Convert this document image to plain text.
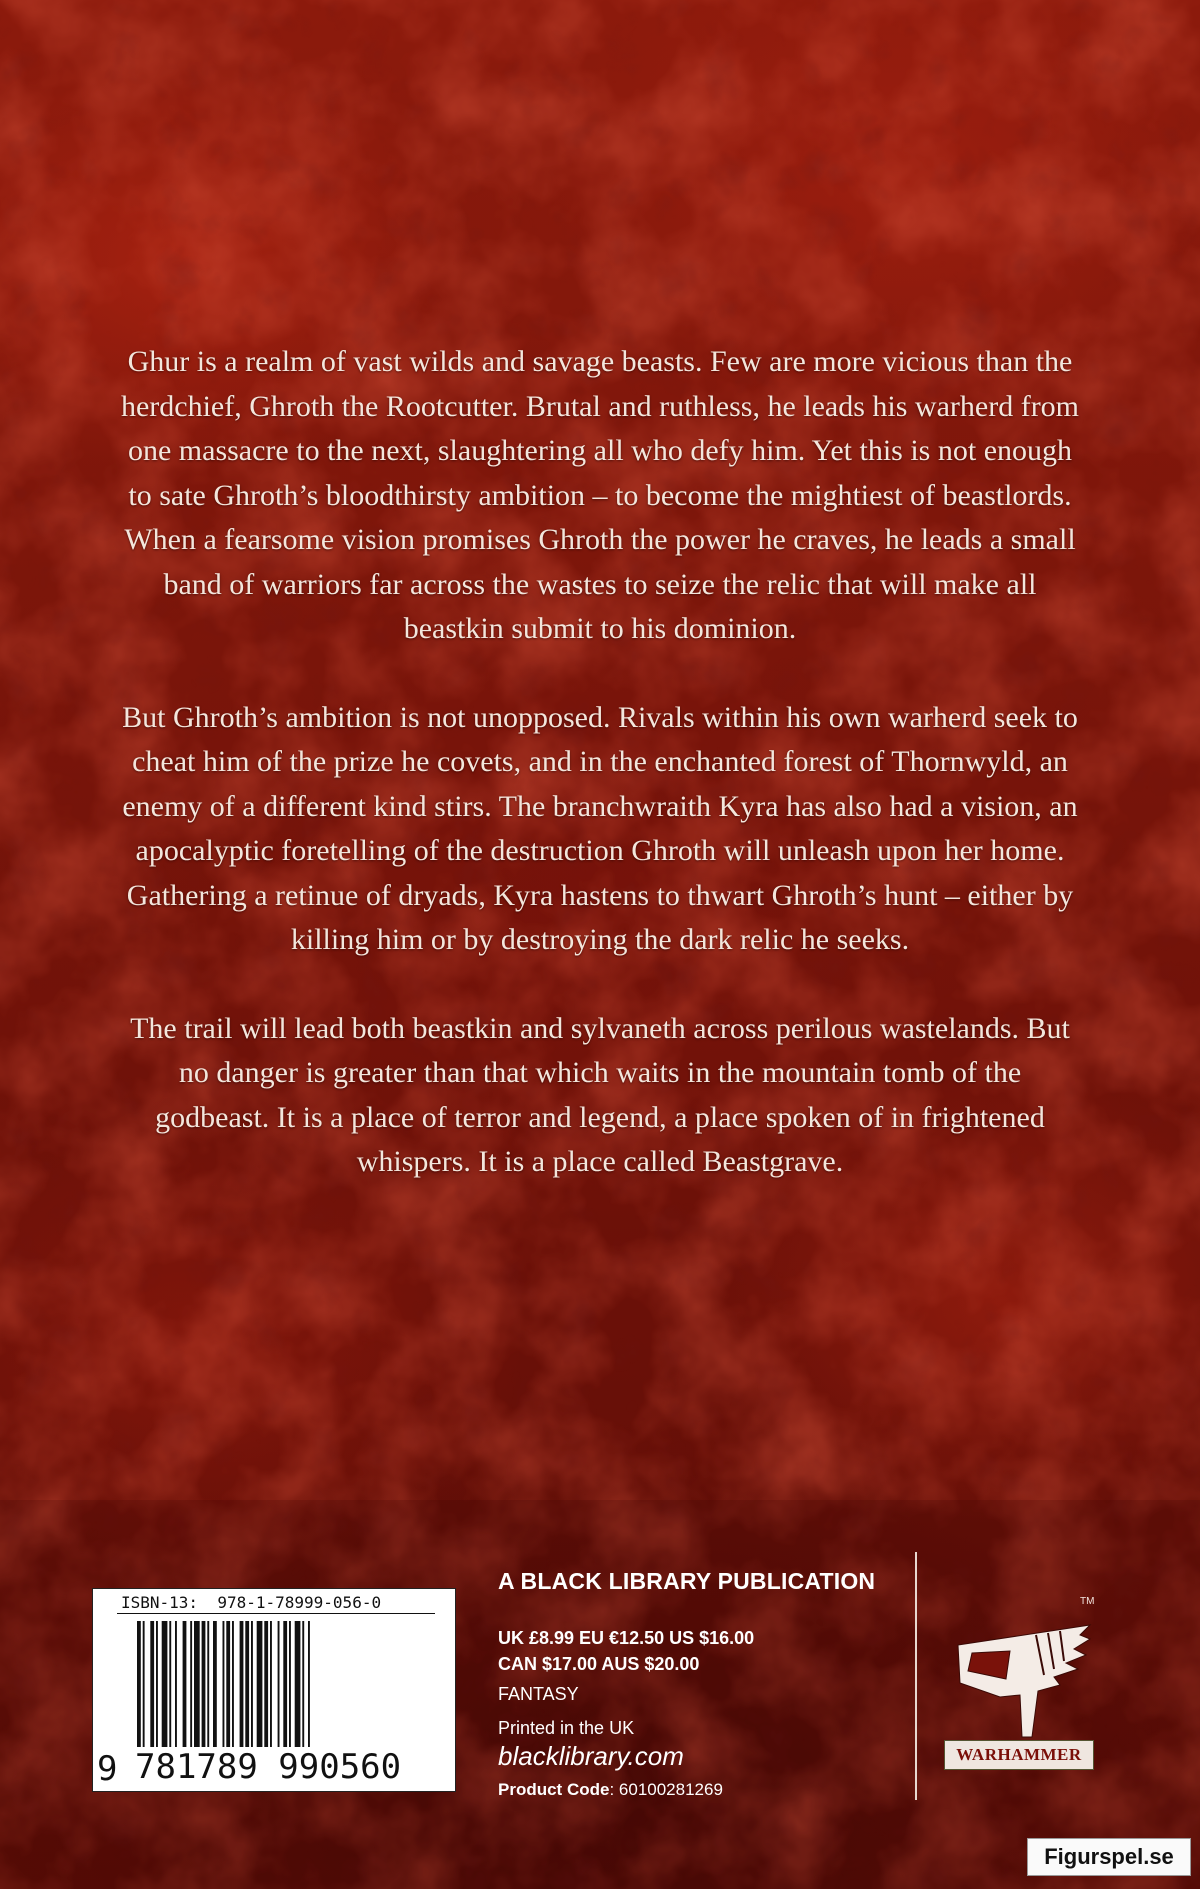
Ghur is a realm of vast wilds and savage beasts. Few are more vicious than the herdchief, Ghroth the Rootcutter. Brutal and ruthless, he leads his warherd from one massacre to the next, slaughtering all who defy him. Yet this is not enough to sate Ghroth’s bloodthirsty ambition – to become the mightiest of beastlords. When a fearsome vision promises Ghroth the power he craves, he leads a small band of warriors far across the wastes to seize the relic that will make all beastkin submit to his dominion.

But Ghroth’s ambition is not unopposed. Rivals within his own warherd seek to cheat him of the prize he covets, and in the enchanted forest of Thornwyld, an enemy of a different kind stirs. The branchwraith Kyra has also had a vision, an apocalyptic foretelling of the destruction Ghroth will unleash upon her home. Gathering a retinue of dryads, Kyra hastens to thwart Ghroth’s hunt – either by killing him or by destroying the dark relic he seeks.

The trail will lead both beastkin and sylvaneth across perilous wastelands. But no danger is greater than that which waits in the mountain tomb of the godbeast. It is a place of terror and legend, a place spoken of in frightened whispers. It is a place called Beastgrave.

ISBN-13:  978-1-78999-056-0
9 781789 990560
A BLACK LIBRARY PUBLICATION
UK £8.99 EU €12.50 US $16.00
CAN $17.00 AUS $20.00
FANTASY
Printed in the UK
blacklibrary.com
Product Code: 60100281269
TM
WARHAMMER
Figurspel.se
